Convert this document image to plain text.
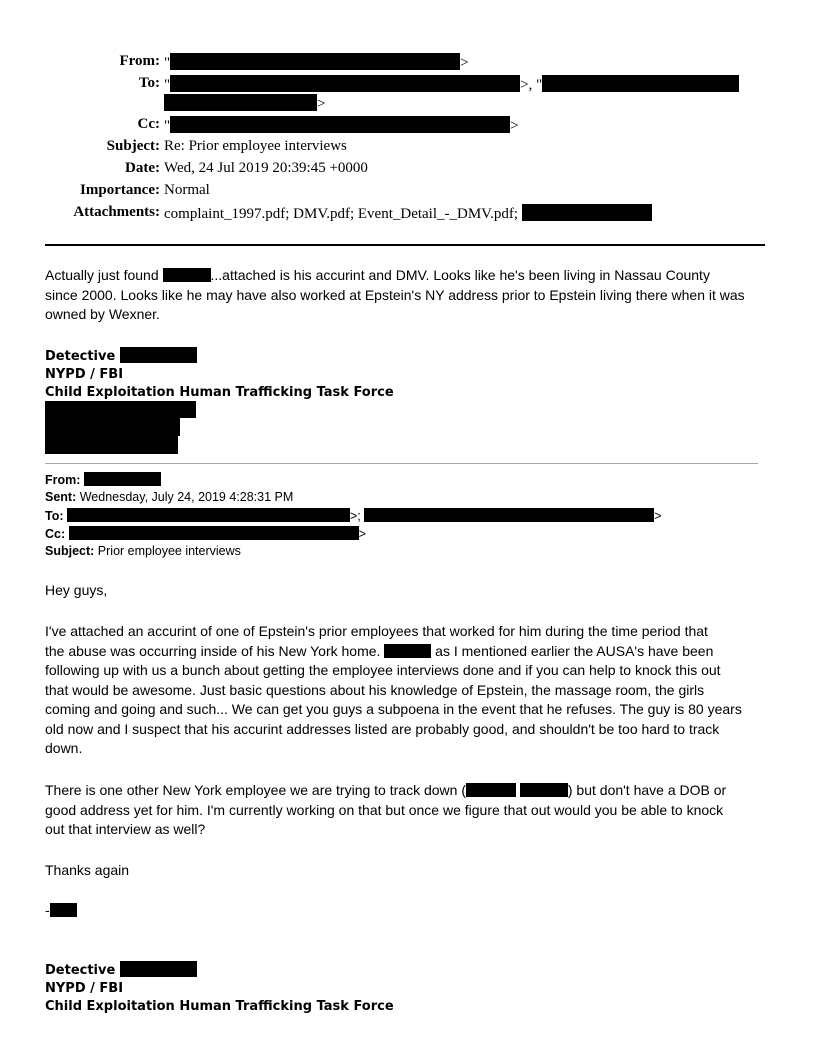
From: "	>
To: "	>, "
>
Cc: "	>
Subject: Re: Prior employee interviews
Date: Wed, 24 Jul 2019 20:39:45 +0000
Importance: Normal
Attachments: complaint_1997.pdf; DMV.pdf; Event_Detail_-_DMV.pdf;
Actually just found	...attached is his accurint and DMV. Looks like he's been living in Nassau County
since 2000. Looks like he may have also worked at Epstein's NY address prior to Epstein living there when it was
owned by Wexner.
Detective
NYPD / FBI
Child Exploitation Human Trafficking Task Force
From:
Sent: Wednesday, July 24, 2019 4:28:31 PM
To:	>;	>
Cc:	>
Subject: Prior employee interviews
Hey guys,
I've attached an accurint of one of Epstein's prior employees that worked for him during the time period that
the abuse was occurring inside of his New York home.	as I mentioned earlier the AUSA's have been
following up with us a bunch about getting the employee interviews done and if you can help to knock this out
that would be awesome. Just basic questions about his knowledge of Epstein, the massage room, the girls
coming and going and such... We can get you guys a subpoena in the event that he refuses. The guy is 80 years
old now and I suspect that his accurint addresses listed are probably good, and shouldn't be too hard to track
down.
There is one other New York employee we are trying to track down (	) but don't have a DOB or
good address yet for him. I'm currently working on that but once we figure that out would you be able to knock
out that interview as well?
Thanks again
-
Detective
NYPD / FBI
Child Exploitation Human Trafficking Task Force
